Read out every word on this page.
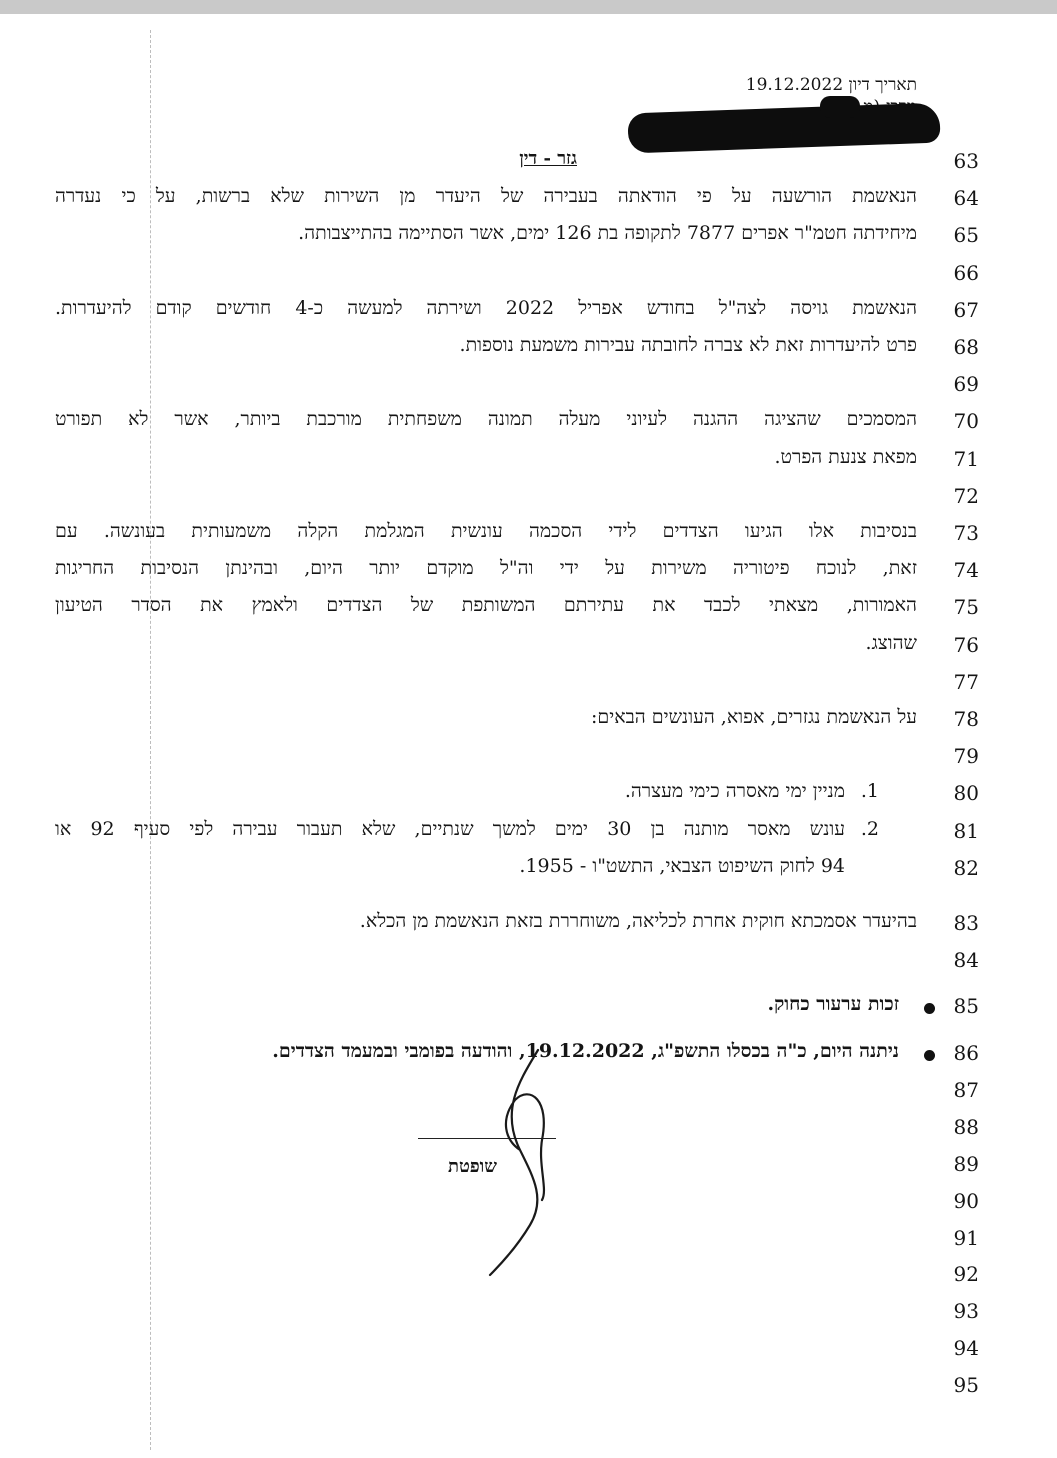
תאריך דיון 19.12.2022
63
גזר - דין
64
הנאשמת הורשעה על פי הודאתה בעבירה של היעדר מן השירות שלא ברשות, על כי נעדרה
65
מיחידתה חטמ"ר אפרים 7877 לתקופה בת 126 ימים, אשר הסתיימה בהתייצבותה.
66
67
הנאשמת גויסה לצה"ל בחודש אפריל 2022 ושירתה למעשה כ-4 חודשים קודם להיעדרות.
68
פרט להיעדרות זאת לא צברה לחובתה עבירות משמעת נוספות.
69
70
המסמכים שהציגה ההגנה לעיוני מעלה תמונה משפחתית מורכבת ביותר, אשר לא תפורט
71
מפאת צנעת הפרט.
72
73
בנסיבות אלו הגיעו הצדדים לידי הסכמה עונשית המגלמת הקלה משמעותית בעונשה. עם
74
זאת, לנוכח פיטוריה משירות על ידי וה"ל מוקדם יותר היום, ובהינתן הנסיבות החריגות
75
האמורות, מצאתי לכבד את עתירתם המשותפת של הצדדים ולאמץ את הסדר הטיעון
76
שהוצג.
77
78
על הנאשמת נגזרים, אפוא, העונשים הבאים:
79
80
1.
מניין ימי מאסרה כימי מעצרה.
81
2.
עונש מאסר מותנה בן 30 ימים למשך שנתיים, שלא תעבור עבירה לפי סעיף 92 או
82
94 לחוק השיפוט הצבאי, התשט"ו - 1955.
83
בהיעדר אסמכתא חוקית אחרת לכליאה, משוחררת בזאת הנאשמת מן הכלא.
84
85
זכות ערעור כחוק.
86
ניתנה היום, כ"ה בכסלו התשפ"ג, 19.12.2022, והודעה בפומבי ובמעמד הצדדים.
87
88
89
90
91
92
93
94
95
שופטת
